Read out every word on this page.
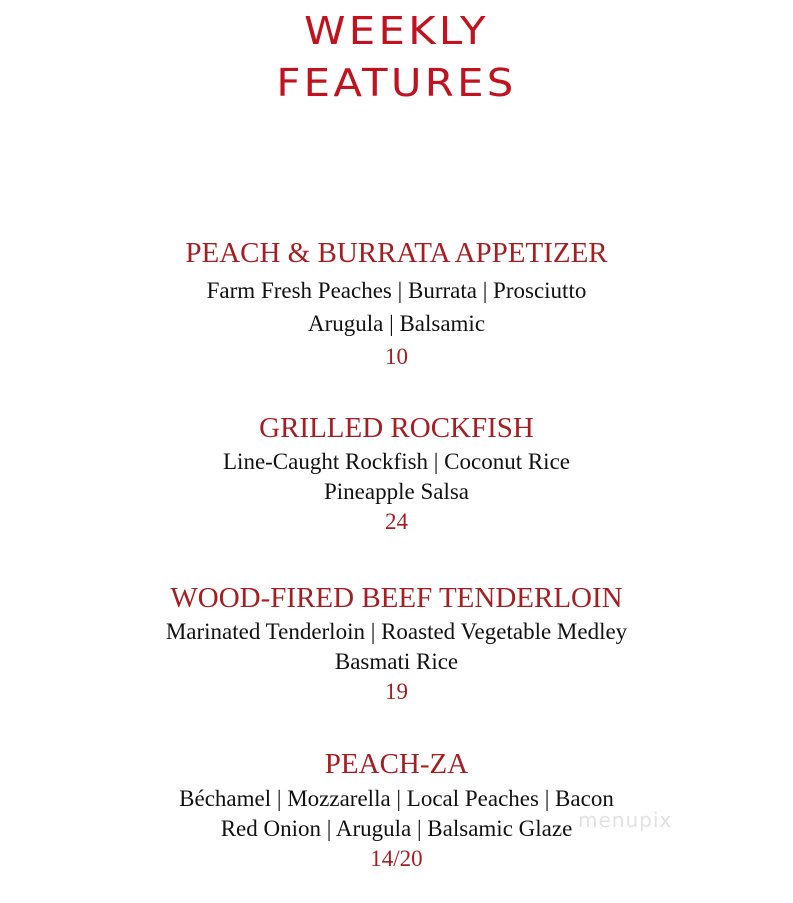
WEEKLY
FEATURES
PEACH & BURRATA APPETIZER
Farm Fresh Peaches | Burrata | Prosciutto
Arugula | Balsamic
10
GRILLED ROCKFISH
Line-Caught Rockfish | Coconut Rice
Pineapple Salsa
24
WOOD-FIRED BEEF TENDERLOIN
Marinated Tenderloin | Roasted Vegetable Medley
Basmati Rice
19
PEACH-ZA
Béchamel | Mozzarella | Local Peaches | Bacon
Red Onion | Arugula | Balsamic Glaze
14/20
menupix
